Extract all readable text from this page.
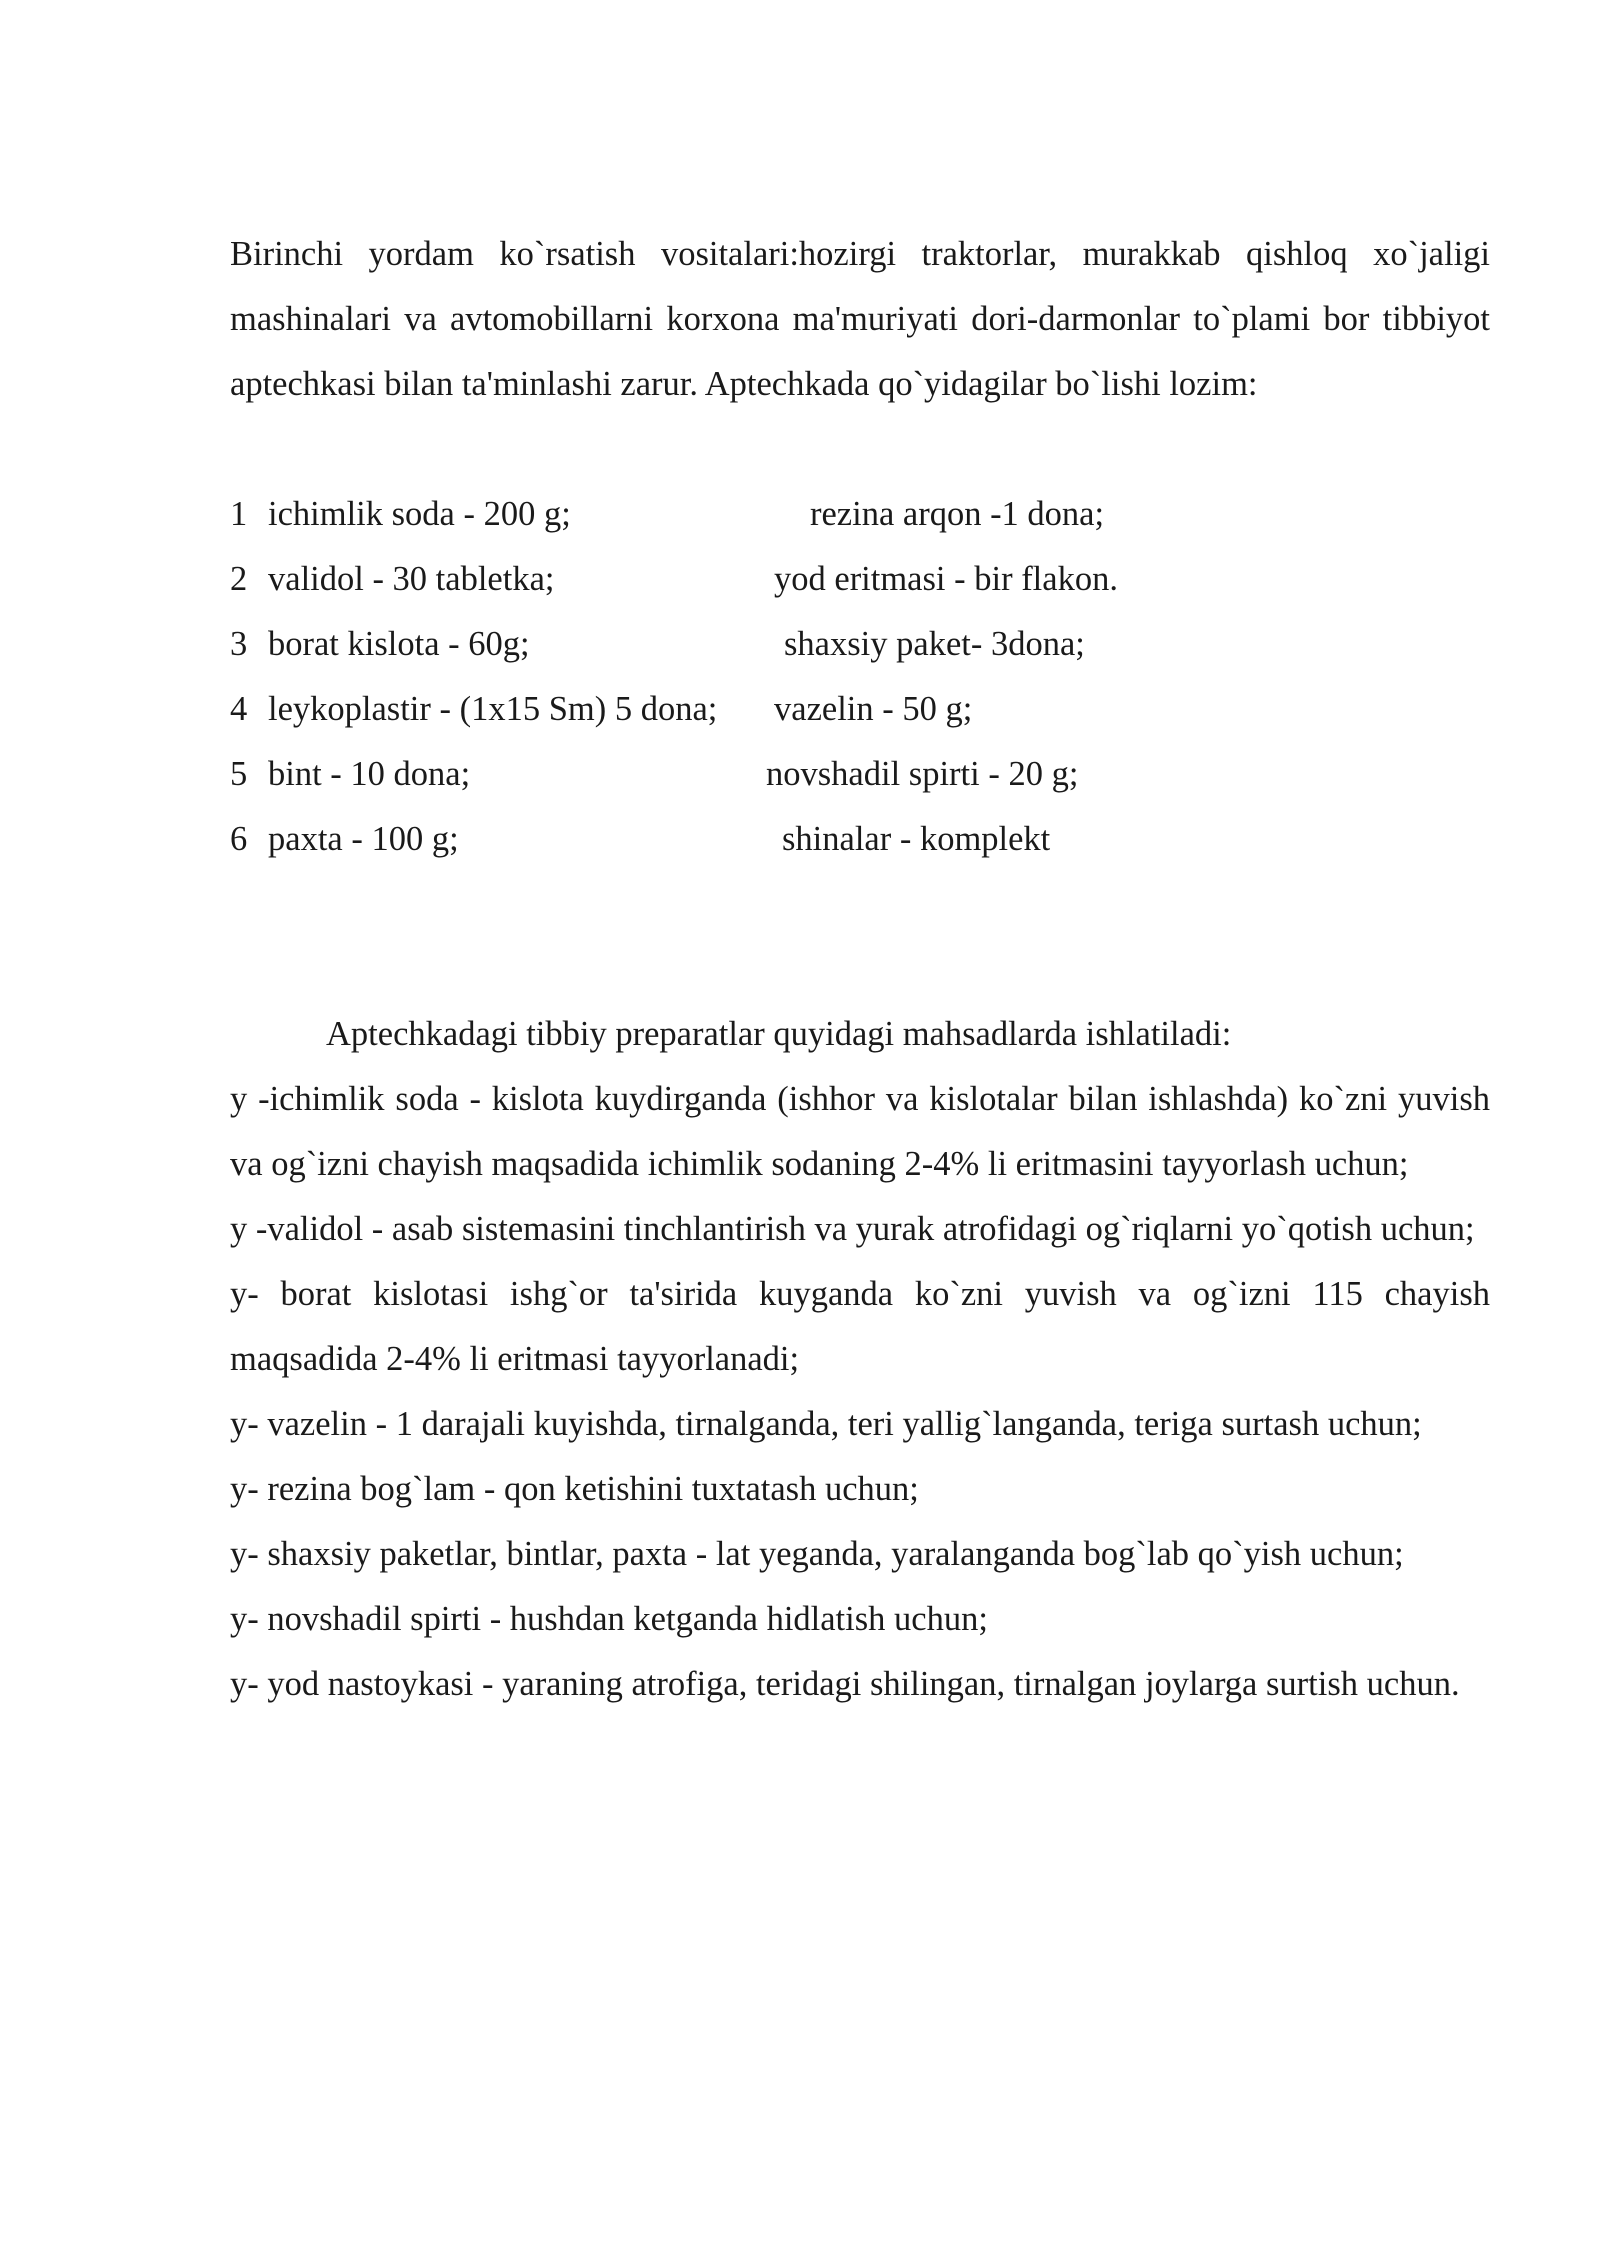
Birinchi yordam ko`rsatish vositalari:hozirgi traktorlar, murakkab qishloq xo`jaligi mashinalari va avtomobillarni korxona ma'muriyati dori-darmonlar to`plami bor tibbiyot aptechkasi bilan ta'minlashi zarur. Aptechkada qo`yidagilar bo`lishi lozim:

1 ichimlik soda - 200 g;	rezina arqon -1 dona;
2 validol - 30 tabletka;	yod eritmasi - bir flakon.
3 borat kislota - 60g;	shaxsiy paket- 3dona;
4 leykoplastir - (1x15 Sm) 5 dona; vazelin - 50 g;
5 bint - 10 dona;	novshadil spirti - 20 g;
6 paxta - 100 g;	shinalar - komplekt

Aptechkadagi tibbiy preparatlar quyidagi mahsadlarda ishlatiladi:

y -ichimlik soda - kislota kuydirganda (ishhor va kislotalar bilan ishlashda) ko`zni yuvish va og`izni chayish maqsadida ichimlik sodaning 2-4% li eritmasini tayyorlash uchun;

y -validol - asab sistemasini tinchlantirish va yurak atrofidagi og`riqlarni yo`qotish uchun;

y- borat kislotasi ishg`or ta'sirida kuyganda ko`zni yuvish va og`izni 115 chayish maqsadida 2-4% li eritmasi tayyorlanadi;

y- vazelin - 1 darajali kuyishda, tirnalganda, teri yallig`langanda, teriga surtash uchun;

y- rezina bog`lam - qon ketishini tuxtatash uchun;

y- shaxsiy paketlar, bintlar, paxta - lat yeganda, yaralanganda bog`lab qo`yish uchun;

y- novshadil spirti - hushdan ketganda hidlatish uchun;

y- yod nastoykasi - yaraning atrofiga, teridagi shilingan, tirnalgan joylarga surtish uchun.
